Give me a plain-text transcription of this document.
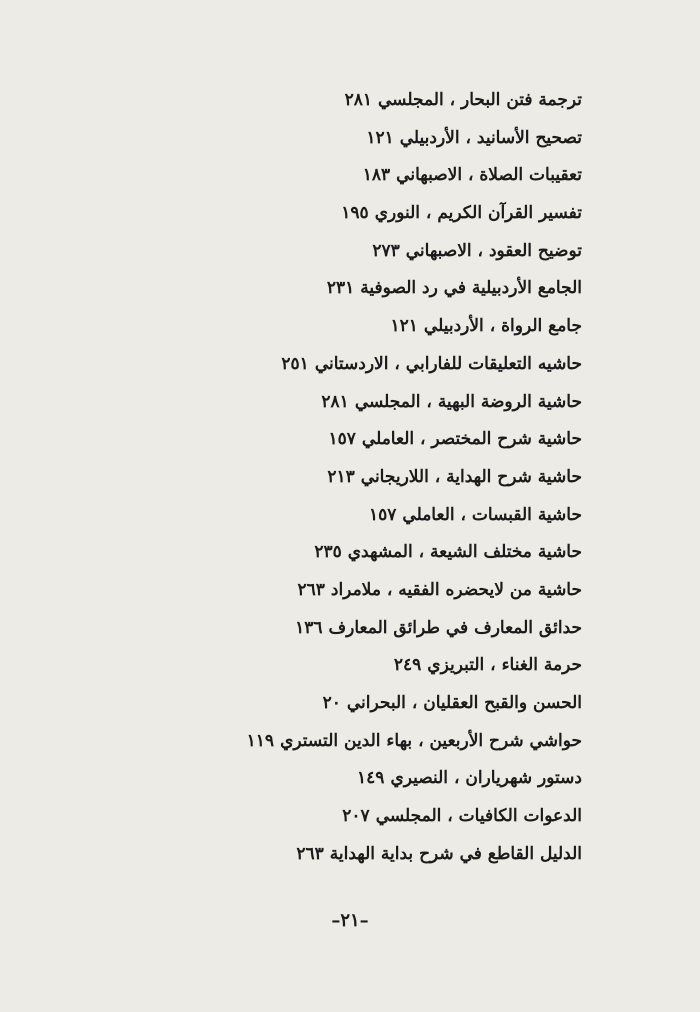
ترجمة فتن البحار ، المجلسي٢٨١
تصحيح الأسانيد ، الأردبيلي١٢١
تعقيبات الصلاة ، الاصبهاني١٨٣
تفسير القرآن الكريم ، النوري١٩٥
توضيح العقود ، الاصبهاني٢٧٣
الجامع الأردبيلية في رد الصوفية٢٣١
جامع الرواة ، الأردبيلي١٢١
حاشيه التعليقات للفارابي ، الاردستاني٢٥١
حاشية الروضة البهية ، المجلسي٢٨١
حاشية شرح المختصر ، العاملي١٥٧
حاشية شرح الهداية ، اللاريجاني٢١٣
حاشية القبسات ، العاملي١٥٧
حاشية مختلف الشيعة ، المشهدي٢٣٥
حاشية من لايحضره الفقيه ، ملامراد٢٦٣
حدائق المعارف في طرائق المعارف١٣٦
حرمة الغناء ، التبريزي٢٤٩
الحسن والقبح العقليان ، البحراني٢٠
حواشي شرح الأربعين ، بهاء الدين التستري١١٩
دستور شهرياران ، النصيري١٤٩
الدعوات الكافيات ، المجلسي٢٠٧
الدليل القاطع في شرح بداية الهداية٢٦٣
–٢١–
